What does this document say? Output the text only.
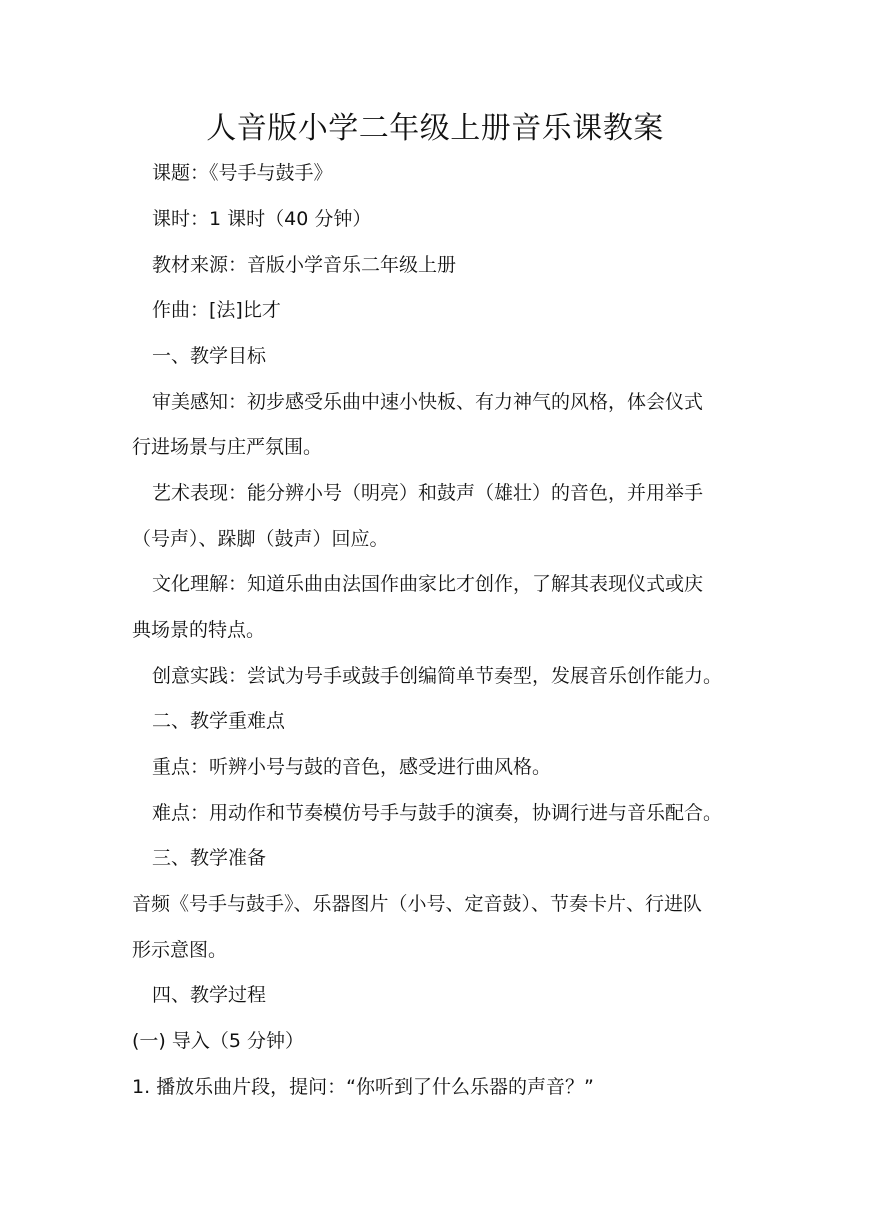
人音版小学二年级上册音乐课教案
课题：《号手与鼓手》
课时：1 课时（40 分钟）
教材来源：音版小学音乐二年级上册
作曲：[法]比才
一、教学目标
审美感知：初步感受乐曲中速小快板、有力神气的风格，体会仪式
行进场景与庄严氛围。
艺术表现：能分辨小号（明亮）和鼓声（雄壮）的音色，并用举手
（号声）、跺脚（鼓声）回应。
文化理解：知道乐曲由法国作曲家比才创作，了解其表现仪式或庆
典场景的特点。
创意实践：尝试为号手或鼓手创编简单节奏型，发展音乐创作能力。
二、教学重难点
重点：听辨小号与鼓的音色，感受进行曲风格。
难点：用动作和节奏模仿号手与鼓手的演奏，协调行进与音乐配合。
三、教学准备
音频《号手与鼓手》、乐器图片（小号、定音鼓）、节奏卡片、行进队
形示意图。
四、教学过程
(一) 导入（5 分钟）
1. 播放乐曲片段，提问：“你听到了什么乐器的声音？”
